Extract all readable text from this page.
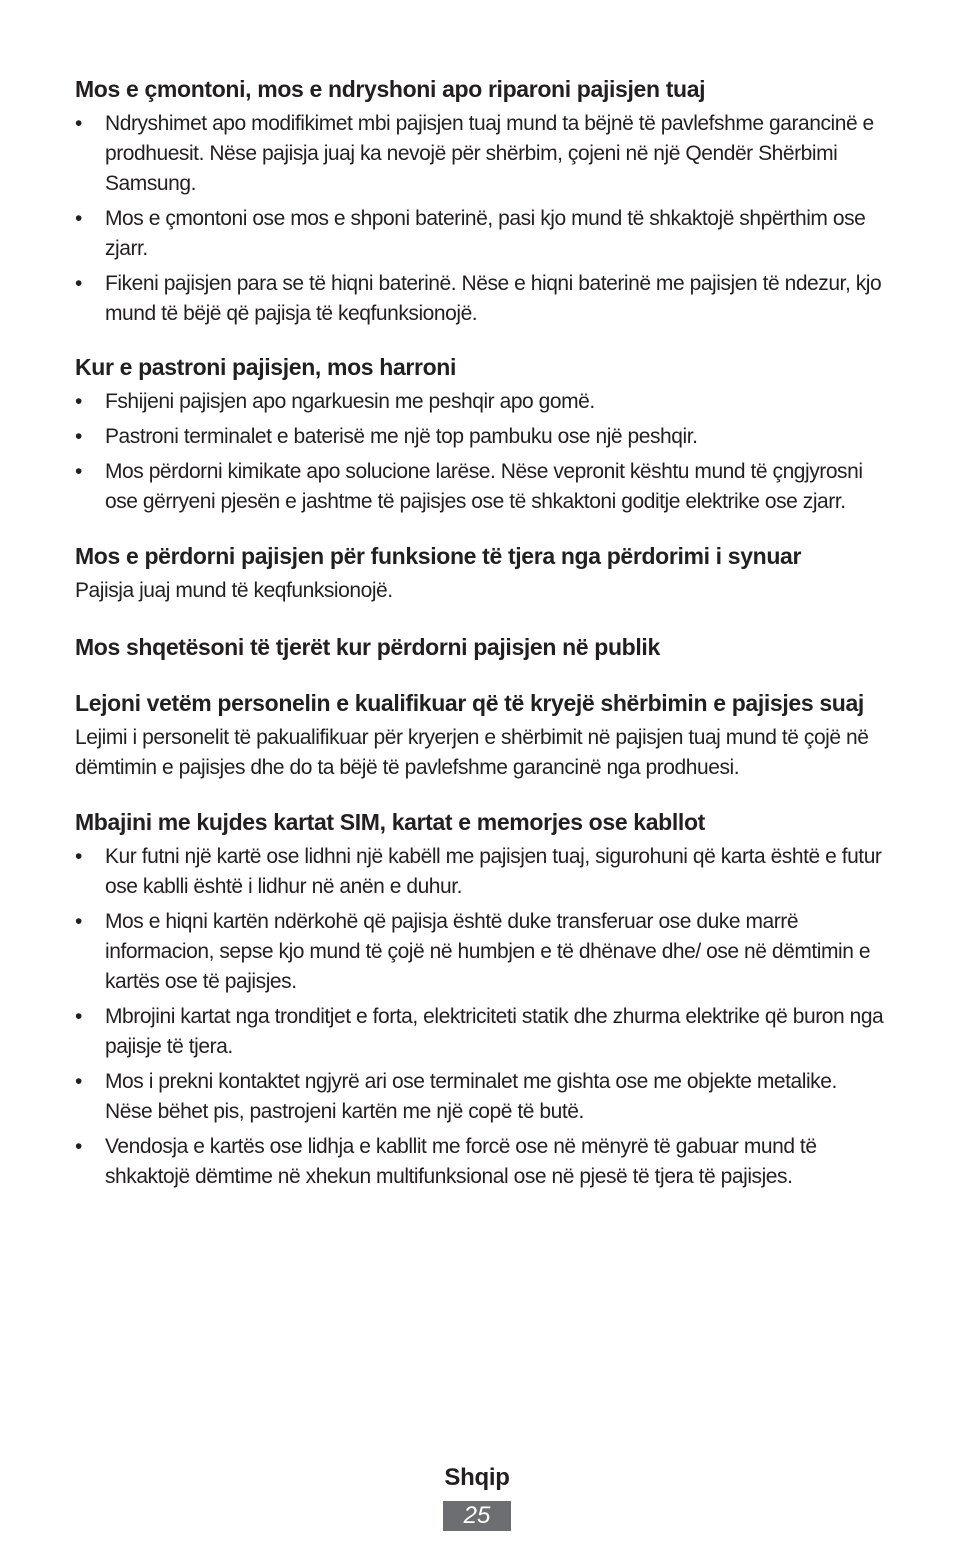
Mos e çmontoni, mos e ndryshoni apo riparoni pajisjen tuaj
•	Ndryshimet apo modifikimet mbi pajisjen tuaj mund ta bëjnë të pavlefshme garancinë e prodhuesit. Nëse pajisja juaj ka nevojë për shërbim, çojeni në një Qendër Shërbimi Samsung.
•	Mos e çmontoni ose mos e shponi baterinë, pasi kjo mund të shkaktojë shpërthim ose zjarr.
•	Fikeni pajisjen para se të hiqni baterinë. Nëse e hiqni baterinë me pajisjen të ndezur, kjo mund të bëjë që pajisja të keqfunksionojë.
Kur e pastroni pajisjen, mos harroni
•	Fshijeni pajisjen apo ngarkuesin me peshqir apo gomë.
•	Pastroni terminalet e baterisë me një top pambuku ose një peshqir.
•	Mos përdorni kimikate apo solucione larëse. Nëse vepronit kështu mund të çngjyrosni ose gërryeni pjesën e jashtme të pajisjes ose të shkaktoni goditje elektrike ose zjarr.
Mos e përdorni pajisjen për funksione të tjera nga përdorimi i synuar

Pajisja juaj mund të keqfunksionojë.

Mos shqetësoni të tjerët kur përdorni pajisjen në publik
Lejoni vetëm personelin e kualifikuar që të kryejë shërbimin e pajisjes suaj

Lejimi i personelit të pakualifikuar për kryerjen e shërbimit në pajisjen tuaj mund të çojë në dëmtimin e pajisjes dhe do ta bëjë të pavlefshme garancinë nga prodhuesi.

Mbajini me kujdes kartat SIM, kartat e memorjes ose kabllot
•	Kur futni një kartë ose lidhni një kabëll me pajisjen tuaj, sigurohuni që karta është e futur ose kablli është i lidhur në anën e duhur.
•	Mos e hiqni kartën ndërkohë që pajisja është duke transferuar ose duke marrë informacion, sepse kjo mund të çojë në humbjen e të dhënave dhe/ ose në dëmtimin e kartës ose të pajisjes.
•	Mbrojini kartat nga tronditjet e forta, elektriciteti statik dhe zhurma elektrike që buron nga pajisje të tjera.
•	Mos i prekni kontaktet ngjyrë ari ose terminalet me gishta ose me objekte metalike. Nëse bëhet pis, pastrojeni kartën me një copë të butë.
•	Vendosja e kartës ose lidhja e kabllit me forcë ose në mënyrë të gabuar mund të shkaktojë dëmtime në xhekun multifunksional ose në pjesë të tjera të pajisjes.
Shqip
25
